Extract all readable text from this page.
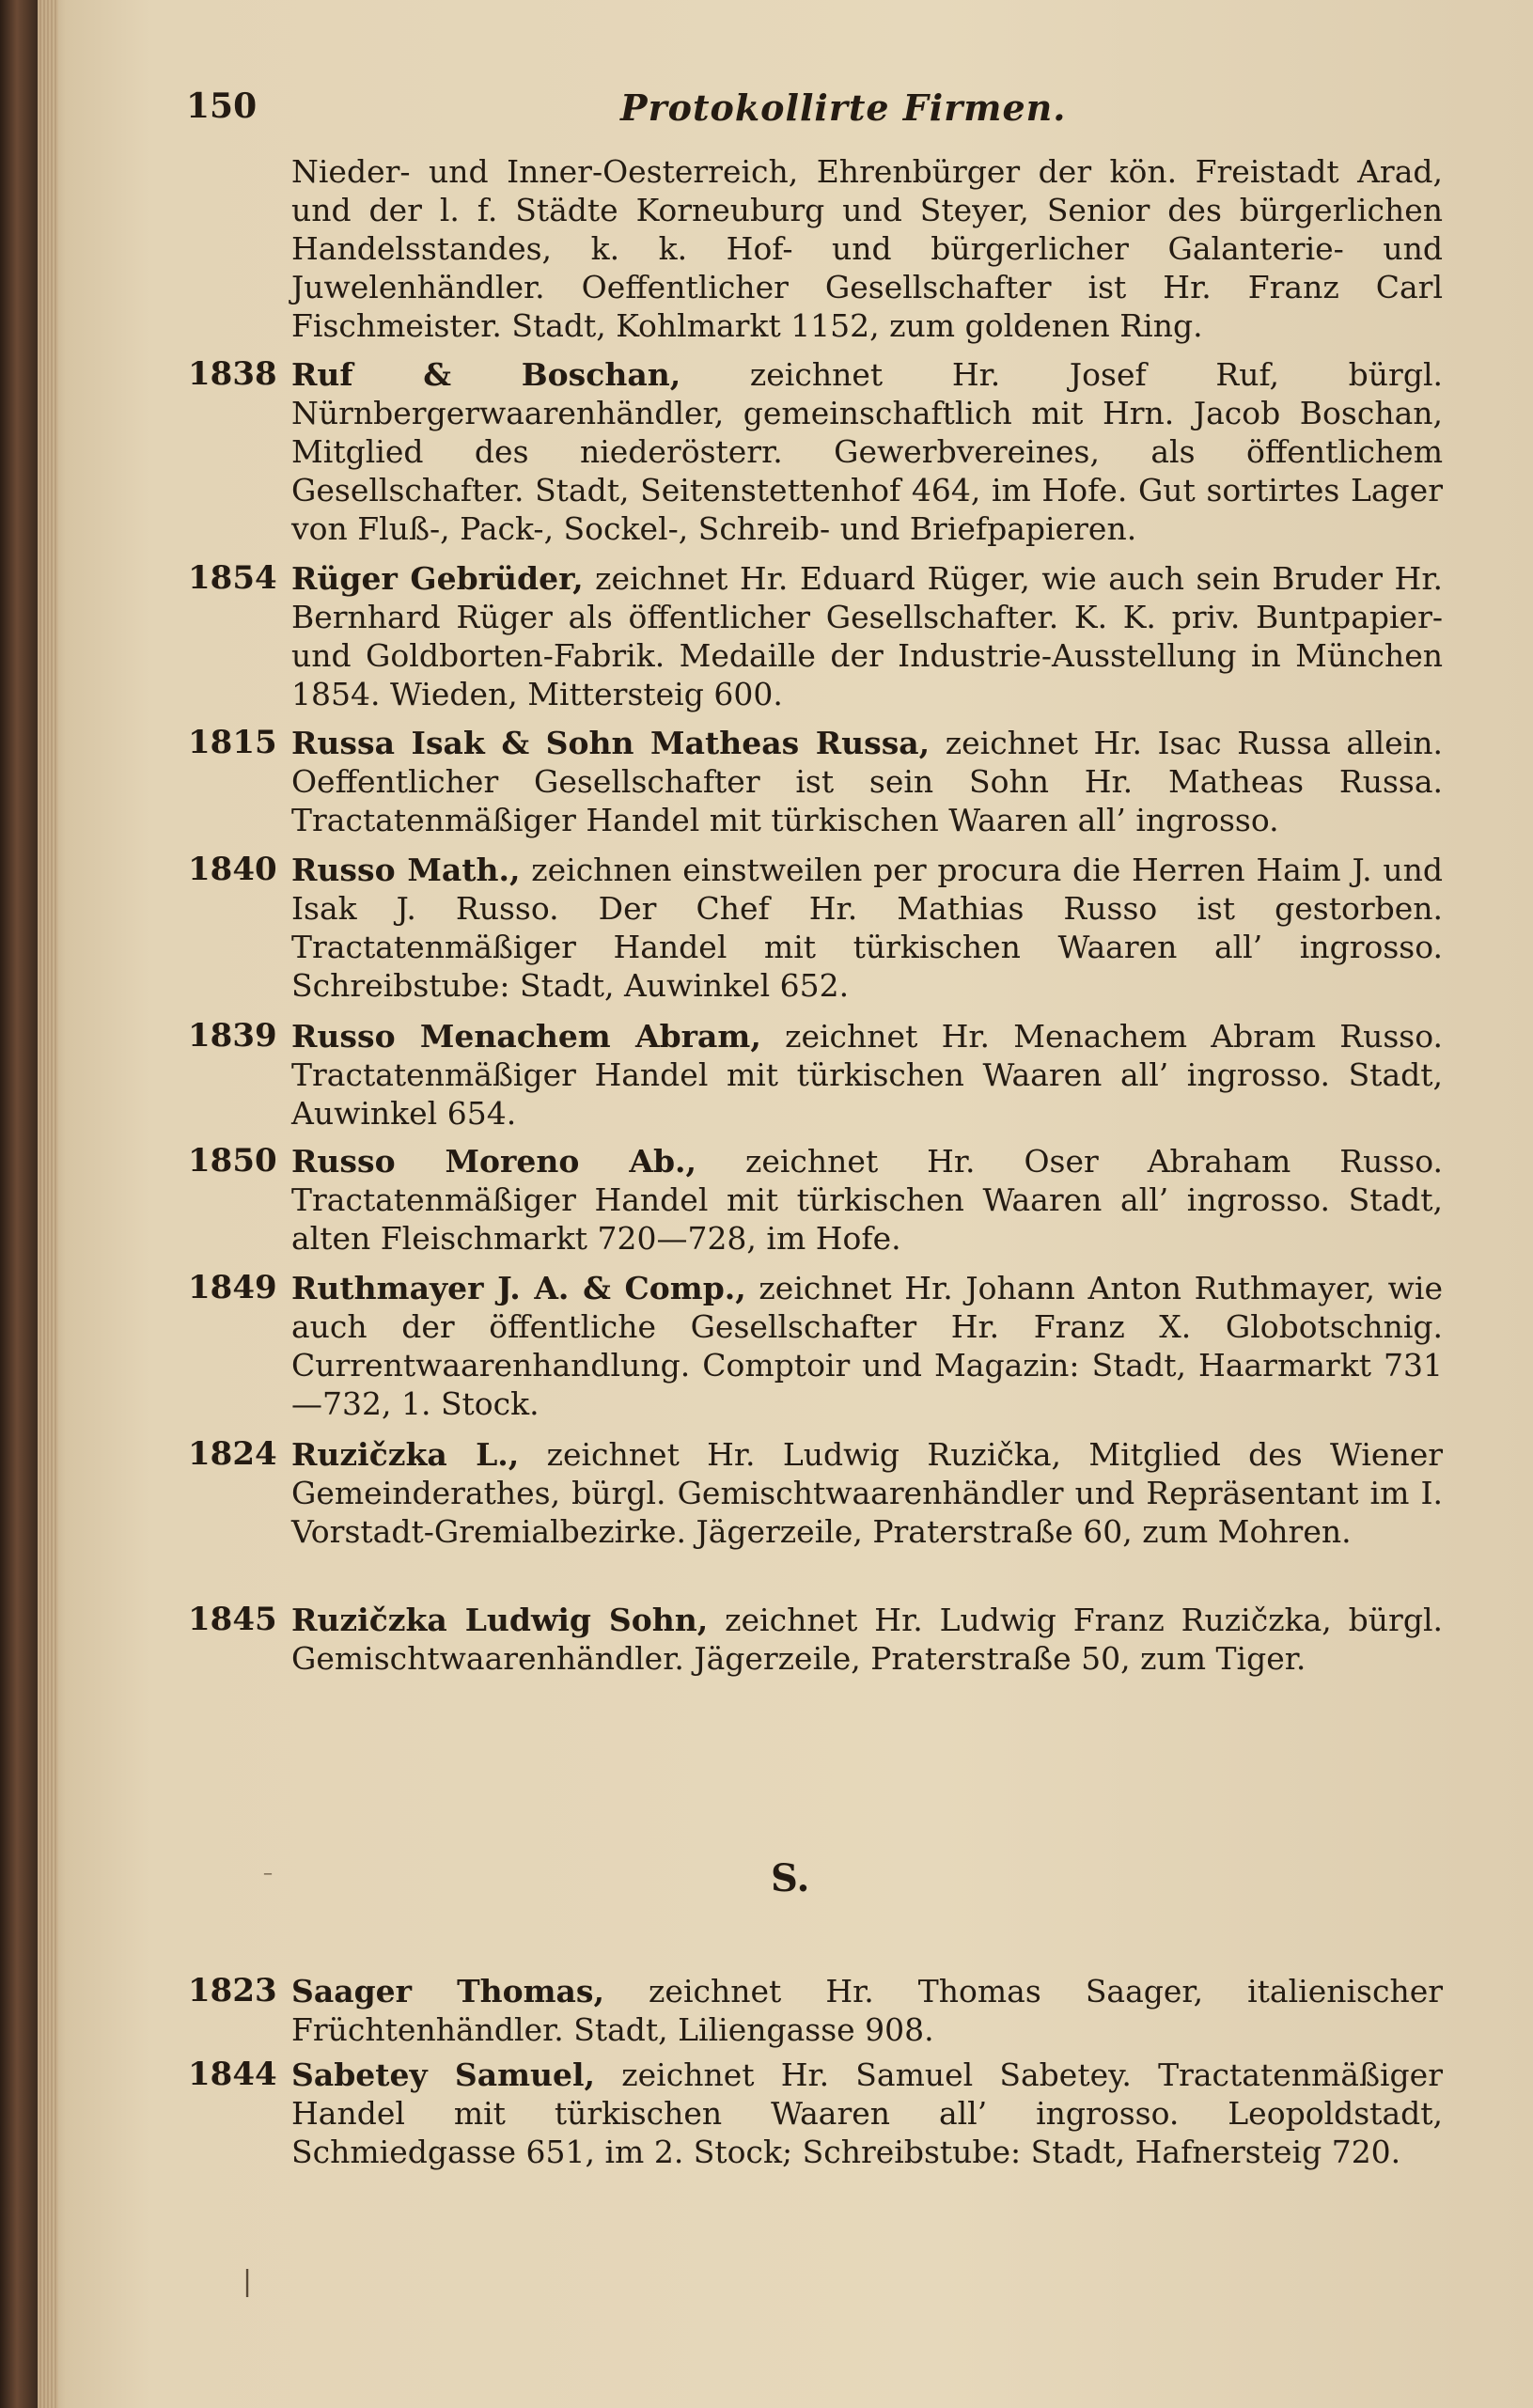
150	Protokollirte Firmen.
Nieder- und Inner-Oesterreich, Ehrenbürger der kön. Freistadt Arad, und der l. f. Städte Korneuburg und Steyer, Senior des bürgerlichen Handelsstandes, k. k. Hof- und bürgerlicher Galanterie- und Juwelenhändler. Oeffentlicher Gesellschafter ist Hr. Franz Carl Fischmeister. Stadt, Kohlmarkt 1152, zum goldenen Ring.
1838 Ruf & Boschan, zeichnet Hr. Josef Ruf, bürgl. Nürnbergerwaarenhändler, gemeinschaftlich mit Hrn. Jacob Boschan, Mitglied des niederösterr. Gewerbvereines, als öffentlichem Gesellschafter. Stadt, Seitenstettenhof 464, im Hofe. Gut sortirtes Lager von Fluß-, Pack-, Sockel-, Schreib- und Briefpapieren.
1854 Rüger Gebrüder, zeichnet Hr. Eduard Rüger, wie auch sein Bruder Hr. Bernhard Rüger als öffentlicher Gesellschafter. K. K. priv. Buntpapier- und Goldborten-Fabrik. Medaille der Industrie-Ausstellung in München 1854. Wieden, Mittersteig 600.
1815 Russa Isak & Sohn Matheas Russa, zeichnet Hr. Isac Russa allein. Oeffentlicher Gesellschafter ist sein Sohn Hr. Matheas Russa. Tractatenmäßiger Handel mit türkischen Waaren all’ ingrosso.
1840 Russo Math., zeichnen einstweilen per procura die Herren Haim J. und Isak J. Russo. Der Chef Hr. Mathias Russo ist gestorben. Tractatenmäßiger Handel mit türkischen Waaren all’ ingrosso. Schreibstube: Stadt, Auwinkel 652.
1839 Russo Menachem Abram, zeichnet Hr. Menachem Abram Russo. Tractatenmäßiger Handel mit türkischen Waaren all’ ingrosso. Stadt, Auwinkel 654.
1850 Russo Moreno Ab., zeichnet Hr. Oser Abraham Russo. Tractatenmäßiger Handel mit türkischen Waaren all’ ingrosso. Stadt, alten Fleischmarkt 720—728, im Hofe.
1849 Ruthmayer J. A. & Comp., zeichnet Hr. Johann Anton Ruthmayer, wie auch der öffentliche Gesellschafter Hr. Franz X. Globotschnig. Currentwaarenhandlung. Comptoir und Magazin: Stadt, Haarmarkt 731—732, 1. Stock.
1824 Ruzičzka L., zeichnet Hr. Ludwig Ruzička, Mitglied des Wiener Gemeinderathes, bürgl. Gemischtwaarenhändler und Repräsentant im I. Vorstadt-Gremialbezirke. Jägerzeile, Praterstraße 60, zum Mohren.
1845 Ruzičzka Ludwig Sohn, zeichnet Hr. Ludwig Franz Ruzičzka, bürgl. Gemischtwaarenhändler. Jägerzeile, Praterstraße 50, zum Tiger.
–	S.
1823 Saager Thomas, zeichnet Hr. Thomas Saager, italienischer Früchtenhändler. Stadt, Liliengasse 908.
1844 Sabetey Samuel, zeichnet Hr. Samuel Sabetey. Tractatenmäßiger Handel mit türkischen Waaren all’ ingrosso. Leopoldstadt, Schmiedgasse 651, im 2. Stock; Schreibstube: Stadt, Hafnersteig 720.
|
